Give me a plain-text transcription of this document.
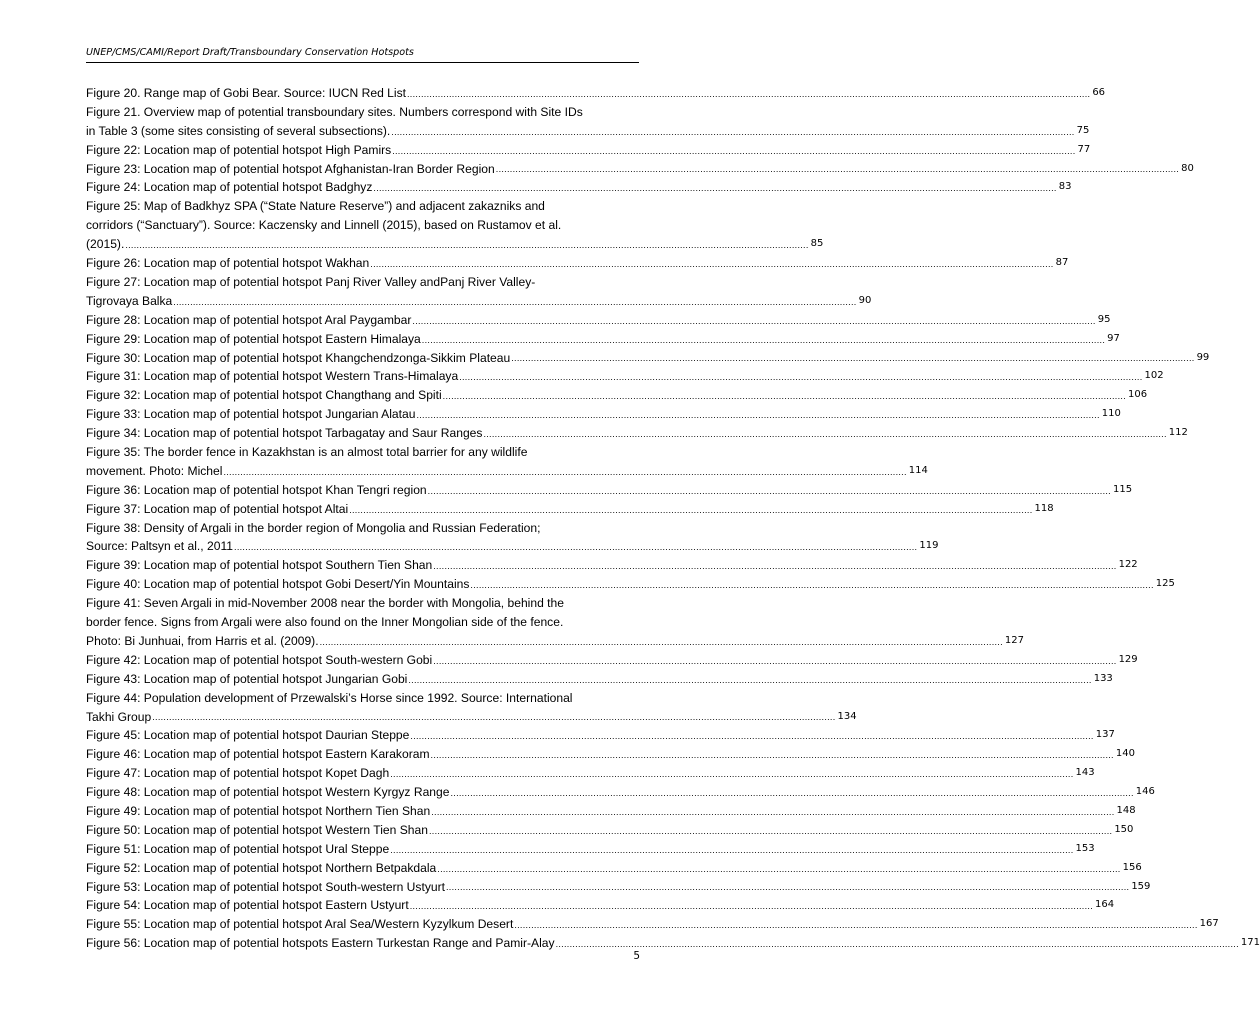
UNEP/CMS/CAMI/Report Draft/Transboundary Conservation Hotspots
Figure 20. Range map of Gobi Bear. Source: IUCN Red List .....	66
Figure 21. Overview map of potential transboundary sites. Numbers correspond with Site IDs
in Table 3 (some sites consisting of several subsections). .....	75
Figure 22: Location map of potential hotspot High Pamirs .....	77
Figure 23: Location map of potential hotspot Afghanistan-Iran Border Region .....	80
Figure 24: Location map of potential hotspot Badghyz .....	83
Figure 25: Map of Badkhyz SPA (“State Nature Reserve”) and adjacent zakazniks and
corridors (“Sanctuary”). Source: Kaczensky and Linnell (2015), based on Rustamov et al.
(2015). .....	85
Figure 26: Location map of potential hotspot Wakhan .....	87
Figure 27: Location map of potential hotspot Panj River Valley andPanj River Valley-
Tigrovaya Balka .....	90
Figure 28: Location map of potential hotspot Aral Paygambar .....	95
Figure 29: Location map of potential hotspot Eastern Himalaya .....	97
Figure 30: Location map of potential hotspot Khangchendzonga-Sikkim Plateau .....	99
Figure 31: Location map of potential hotspot Western Trans-Himalaya .....	102
Figure 32: Location map of potential hotspot Changthang and Spiti .....	106
Figure 33: Location map of potential hotspot Jungarian Alatau .....	110
Figure 34: Location map of potential hotspot Tarbagatay and Saur Ranges .....	112
Figure 35: The border fence in Kazakhstan is an almost total barrier for any wildlife
movement. Photo: Michel .....	114
Figure 36: Location map of potential hotspot Khan Tengri region .....	115
Figure 37: Location map of potential hotspot Altai .....	118
Figure 38: Density of Argali in the border region of Mongolia and Russian Federation;
Source: Paltsyn et al., 2011 .....	119
Figure 39: Location map of potential hotspot Southern Tien Shan .....	122
Figure 40: Location map of potential hotspot Gobi Desert/Yin Mountains .....	125
Figure 41: Seven Argali in mid-November 2008 near the border with Mongolia, behind the
border fence. Signs from Argali were also found on the Inner Mongolian side of the fence.
Photo: Bi Junhuai, from Harris et al. (2009). .....	127
Figure 42: Location map of potential hotspot South-western Gobi .....	129
Figure 43: Location map of potential hotspot Jungarian Gobi .....	133
Figure 44: Population development of Przewalski’s Horse since 1992. Source: International
Takhi Group .....	134
Figure 45: Location map of potential hotspot Daurian Steppe .....	137
Figure 46: Location map of potential hotspot Eastern Karakoram .....	140
Figure 47: Location map of potential hotspot Kopet Dagh .....	143
Figure 48: Location map of potential hotspot Western Kyrgyz Range .....	146
Figure 49: Location map of potential hotspot Northern Tien Shan .....	148
Figure 50: Location map of potential hotspot Western Tien Shan .....	150
Figure 51: Location map of potential hotspot Ural Steppe .....	153
Figure 52: Location map of potential hotspot Northern Betpakdala .....	156
Figure 53: Location map of potential hotspot South-western Ustyurt .....	159
Figure 54: Location map of potential hotspot Eastern Ustyurt .....	164
Figure 55: Location map of potential hotspot Aral Sea/Western Kyzylkum Desert .....	167
Figure 56: Location map of potential hotspots Eastern Turkestan Range and Pamir-Alay .....	171
5
